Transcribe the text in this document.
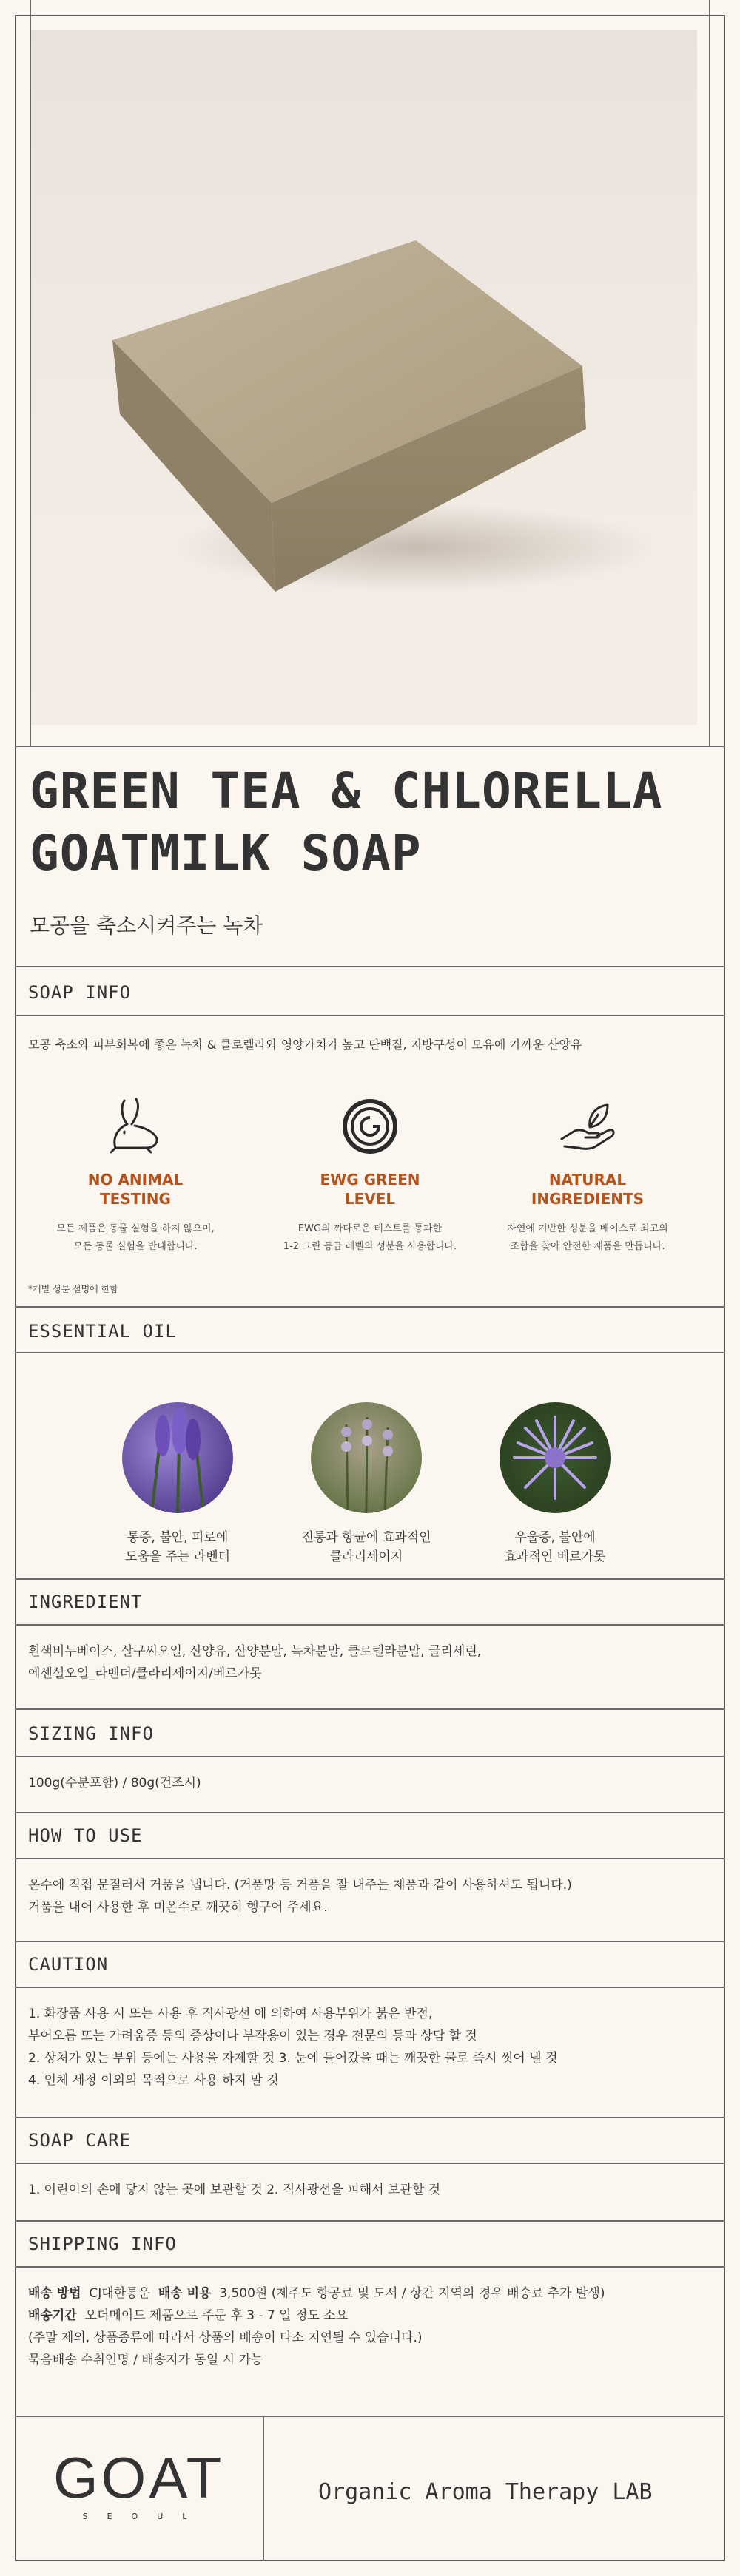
GREEN TEA & CHLORELLA
GOATMILK SOAP
모공을 축소시켜주는 녹차
SOAP INFO
모공 축소와 피부회복에 좋은 녹차 & 클로렐라와 영양가치가 높고 단백질, 지방구성이 모유에 가까운 산양유
NO ANIMAL
TESTING
모든 제품은 동물 실험을 하지 않으며,
모든 동물 실험을 반대합니다.
EWG GREEN
LEVEL
EWG의 까다로운 테스트를 통과한
1-2 그린 등급 레벨의 성분을 사용합니다.
NATURAL
INGREDIENTS
자연에 기반한 성분을 베이스로 최고의
조합을 찾아 안전한 제품을 만듭니다.
*개별 성분 설명에 한함
ESSENTIAL OIL
통증, 불안, 피로에
도움을 주는 라벤더
진통과 항균에 효과적인
클라리세이지
우울증, 불안에
효과적인 베르가못
INGREDIENT
흰색비누베이스, 살구씨오일, 산양유, 산양분말, 녹차분말, 클로렐라분말, 글리세린,
에센셜오일_라벤더/클라리세이지/베르가못
SIZING INFO
100g(수분포함) / 80g(건조시)
HOW TO USE
온수에 직접 문질러서 거품을 냅니다. (거품망 등 거품을 잘 내주는 제품과 같이 사용하셔도 됩니다.)
거품을 내어 사용한 후 미온수로 깨끗히 헹구어 주세요.
CAUTION
1. 화장품 사용 시 또는 사용 후 직사광선 에 의하여 사용부위가 붉은 반점,
부어오름 또는 가려움증 등의 증상이나 부작용이 있는 경우 전문의 등과 상담 할 것
2. 상처가 있는 부위 등에는 사용을 자제할 것 3. 눈에 들어갔을 때는 깨끗한 물로 즉시 씻어 낼 것
4. 인체 세정 이외의 목적으로 사용 하지 말 것
SOAP CARE
1. 어린이의 손에 닿지 않는 곳에 보관할 것 2. 직사광선을 피해서 보관할 것
SHIPPING INFO
배송 방법 CJ대한통운 배송 비용 3,500원 (제주도 항공료 및 도서 / 상간 지역의 경우 배송료 추가 발생)
배송기간 오더메이드 제품으로 주문 후 3 - 7 일 정도 소요
(주말 제외, 상품종류에 따라서 상품의 배송이 다소 지연될 수 있습니다.)
묶음배송 수취인명 / 배송지가 동일 시 가능
GOAT
SEOUL
Organic Aroma Therapy LAB
